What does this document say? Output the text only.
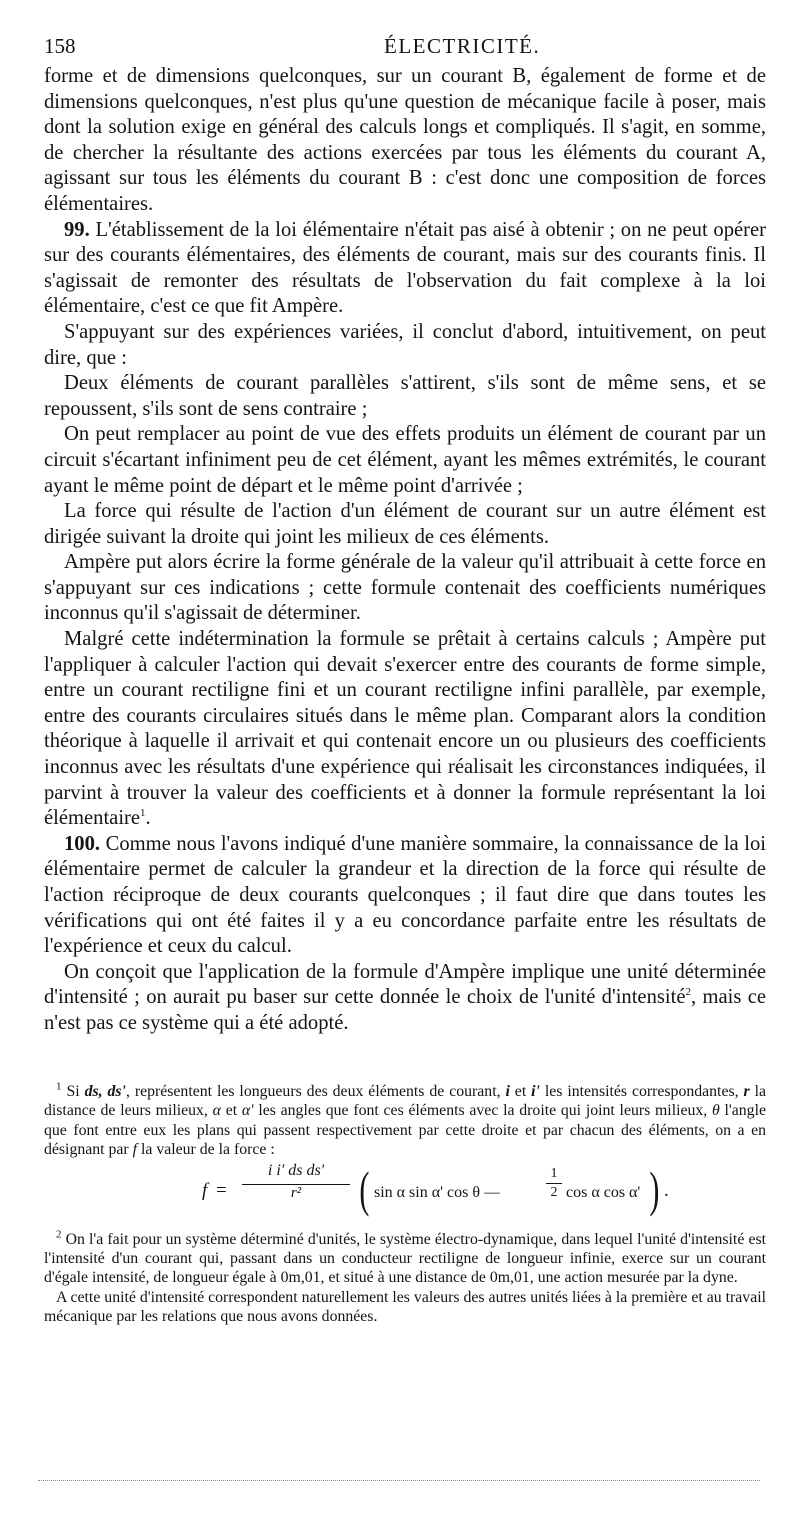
158	ÉLECTRICITÉ.

forme et de dimensions quelconques, sur un courant B, également de forme et de dimensions quelconques, n'est plus qu'une question de mécanique facile à poser, mais dont la solution exige en général des calculs longs et compliqués. Il s'agit, en somme, de chercher la résultante des actions exercées par tous les éléments du courant A, agissant sur tous les éléments du courant B : c'est donc une composition de forces élémentaires.

99. L'établissement de la loi élémentaire n'était pas aisé à obtenir ; on ne peut opérer sur des courants élémentaires, des éléments de courant, mais sur des courants finis. Il s'agissait de remonter des résultats de l'observation du fait complexe à la loi élémentaire, c'est ce que fit Ampère.

S'appuyant sur des expériences variées, il conclut d'abord, intuitivement, on peut dire, que :

Deux éléments de courant parallèles s'attirent, s'ils sont de même sens, et se repoussent, s'ils sont de sens contraire ;

On peut remplacer au point de vue des effets produits un élément de courant par un circuit s'écartant infiniment peu de cet élément, ayant les mêmes extrémités, le courant ayant le même point de départ et le même point d'arrivée ;

La force qui résulte de l'action d'un élément de courant sur un autre élément est dirigée suivant la droite qui joint les milieux de ces éléments.

Ampère put alors écrire la forme générale de la valeur qu'il attribuait à cette force en s'appuyant sur ces indications ; cette formule contenait des coefficients numériques inconnus qu'il s'agissait de déterminer.

Malgré cette indétermination la formule se prêtait à certains calculs ; Ampère put l'appliquer à calculer l'action qui devait s'exercer entre des courants de forme simple, entre un courant rectiligne fini et un courant rectiligne infini parallèle, par exemple, entre des courants circulaires situés dans le même plan. Comparant alors la condition théorique à laquelle il arrivait et qui contenait encore un ou plusieurs des coefficients inconnus avec les résultats d'une expérience qui réalisait les circonstances indiquées, il parvint à trouver la valeur des coefficients et à donner la formule représentant la loi élémentaire$^1$.

100. Comme nous l'avons indiqué d'une manière sommaire, la connaissance de la loi élémentaire permet de calculer la grandeur et la direction de la force qui résulte de l'action réciproque de deux courants quelconques ; il faut dire que dans toutes les vérifications qui ont été faites il y a eu concordance parfaite entre les résultats de l'expérience et ceux du calcul.

On conçoit que l'application de la formule d'Ampère implique une unité déterminée d'intensité ; on aurait pu baser sur cette donnée le choix de l'unité d'intensité$^2$, mais ce n'est pas ce système qui a été adopté.

$^1$ Si ds, ds', représentent les longueurs des deux éléments de courant, i et i' les intensités correspondantes, r la distance de leurs milieux, α et α' les angles que font ces éléments avec la droite qui joint leurs milieux, θ l'angle que font entre eux les plans qui passent respectivement par cette droite et par chacun des éléments, on a en désignant par f la valeur de la force :

f =
i i' ds ds'
r²	( sin α sin α' cos θ —
1
2 cos α cos α' ) .

$^2$ On l'a fait pour un système déterminé d'unités, le système électro-dynamique, dans lequel l'unité d'intensité est l'intensité d'un courant qui, passant dans un conducteur rectiligne de longueur infinie, exerce sur un courant d'égale intensité, de longueur égale à 0m,01, et situé à une distance de 0m,01, une action mesurée par la dyne.

A cette unité d'intensité correspondent naturellement les valeurs des autres unités liées à la première et au travail mécanique par les relations que nous avons données.
